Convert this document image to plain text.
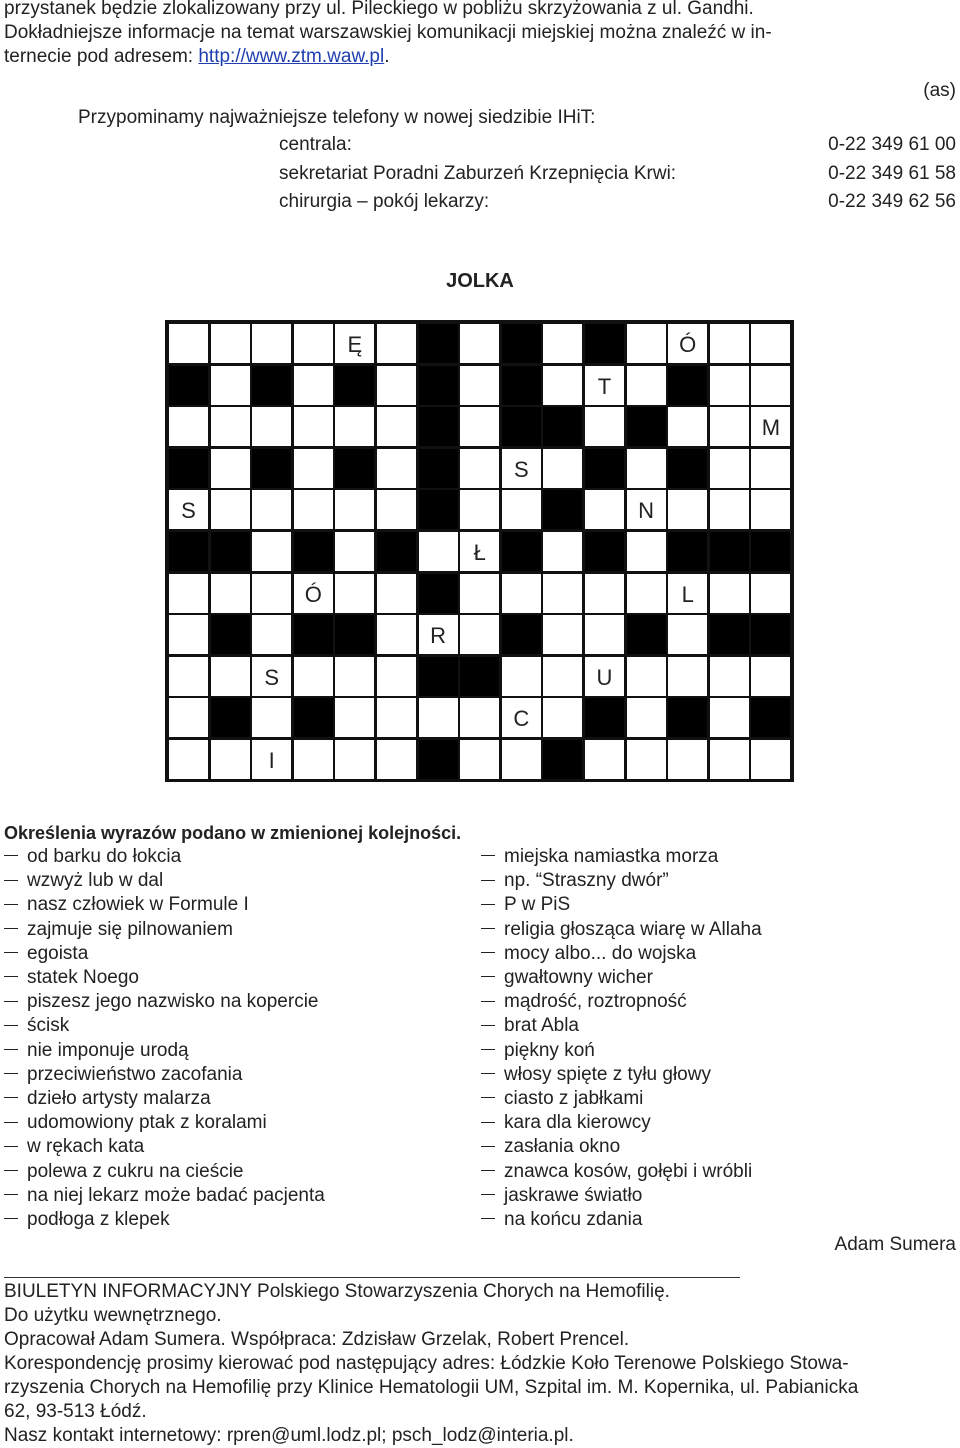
przystanek będzie zlokalizowany przy ul. Pileckiego w pobliżu skrzyżowania z ul. Gandhi.
Dokładniejsze informacje na temat warszawskiej komunikacji miejskiej można znaleźć w in-
ternecie pod adresem: http://www.ztm.waw.pl.
(as)
Przypominamy najważniejsze telefony w nowej siedzibie IHiT:
centrala:	0-22 349 61 00
sekretariat Poradni Zaburzeń Krzepnięcia Krwi:	0-22 349 61 58
chirurgia – pokój lekarzy:	0-22 349 62 56
JOLKA
Ę	Ó
T
M
S
S	N
Ł
Ó	L
R
S	U
C
I
Określenia wyrazów podano w zmienionej kolejności.
od barku do łokcia
wzwyż lub w dal
nasz człowiek w Formule I
zajmuje się pilnowaniem
egoista
statek Noego
piszesz jego nazwisko na kopercie
ścisk
nie imponuje urodą
przeciwieństwo zacofania
dzieło artysty malarza
udomowiony ptak z koralami
w rękach kata
polewa z cukru na cieście
na niej lekarz może badać pacjenta
podłoga z klepek
miejska namiastka morza
np. “Straszny dwór”
P w PiS
religia głosząca wiarę w Allaha
mocy albo... do wojska
gwałtowny wicher
mądrość, roztropność
brat Abla
piękny koń
włosy spięte z tyłu głowy
ciasto z jabłkami
kara dla kierowcy
zasłania okno
znawca kosów, gołębi i wróbli
jaskrawe światło
na końcu zdania
Adam Sumera
BIULETYN INFORMACYJNY Polskiego Stowarzyszenia Chorych na Hemofilię.
Do użytku wewnętrznego.
Opracował Adam Sumera. Współpraca: Zdzisław Grzelak, Robert Prencel.
Korespondencję prosimy kierować pod następujący adres: Łódzkie Koło Terenowe Polskiego Stowa-
rzyszenia Chorych na Hemofilię przy Klinice Hematologii UM, Szpital im. M. Kopernika, ul. Pabianicka
62, 93-513 Łódź.
Nasz kontakt internetowy: rpren@uml.lodz.pl; psch_lodz@interia.pl.
